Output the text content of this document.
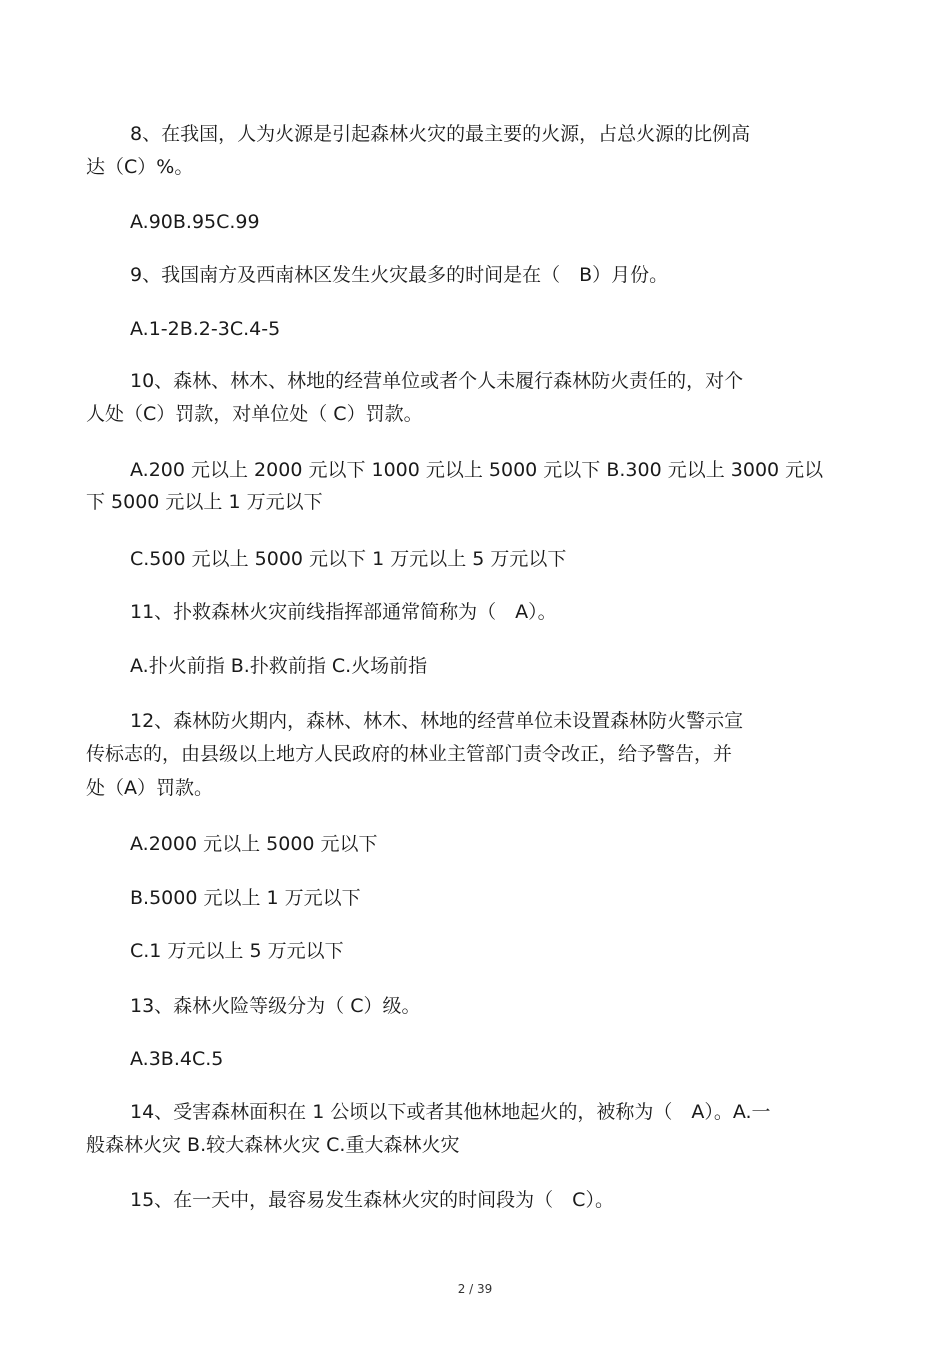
8、在我国，人为火源是引起森林火灾的最主要的火源，占总火源的比例高
达（C）%。
A.90B.95C.99
9、我国南方及西南林区发生火灾最多的时间是在（　B）月份。
A.1-2B.2-3C.4-5
10、森林、林木、林地的经营单位或者个人未履行森林防火责任的，对个
人处（C）罚款，对单位处（ C）罚款。
A.200 元以上 2000 元以下 1000 元以上 5000 元以下 B.300 元以上 3000 元以
下 5000 元以上 1 万元以下
C.500 元以上 5000 元以下 1 万元以上 5 万元以下
11、扑救森林火灾前线指挥部通常简称为（　A）。
A.扑火前指 B.扑救前指 C.火场前指
12、森林防火期内，森林、林木、林地的经营单位未设置森林防火警示宣
传标志的，由县级以上地方人民政府的林业主管部门责令改正，给予警告，并
处（A）罚款。
A.2000 元以上 5000 元以下
B.5000 元以上 1 万元以下
C.1 万元以上 5 万元以下
13、森林火险等级分为（ C）级。
A.3B.4C.5
14、受害森林面积在 1 公顷以下或者其他林地起火的，被称为（　A）。A.一
般森林火灾 B.较大森林火灾 C.重大森林火灾
15、在一天中，最容易发生森林火灾的时间段为（　C）。
2 / 39
